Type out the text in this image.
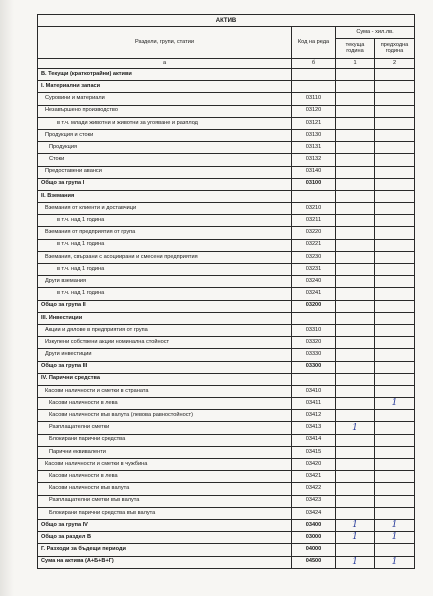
АКТИВ			
Раздели, групи, статии	Код на реда	Сума - хил.лв.	
		текуща година	предходна година
а	б	1	2
В. Текущи (краткотрайни) активи			
I. Материални запаси			
Суровини и материали	03110		
Незавършено производство	03120		
в т.ч. млади животни и животни за угояване и разплод	03121		
Продукция и стоки	03130		
Продукция	03131		
Стоки	03132		
Предоставени аванси	03140		
Общо за група I	03100		
II. Вземания			
Вземания от клиенти и доставчици	03210		
в т.ч. над 1 година	03211		
Вземания от предприятия от група	03220		
в т.ч. над 1 година	03221		
Вземания, свързани с асоциирани и смесени предприятия	03230		
в т.ч. над 1 година	03231		
Други вземания	03240		
в т.ч. над 1 година	03241		
Общо за група II	03200		
III. Инвестиции			
Акции и дялове в предприятия от група	03310		
Изкупени собствени акции номинална стойност	03320		
Други инвестиции	03330		
Общо за група III	03300		
IV. Парични средства			
Касови наличности и сметки в страната	03410		
Касови наличности в лева	03411		1
Касови наличности във валута (левова равностойност)	03412		
Разплащателни сметки	03413	1	
Блокирани парични средства	03414		
Парични еквиваленти	03415		
Касови наличности и сметки в чужбина	03420		
Касови наличности в лева	03421		
Касови наличности във валута	03422		
Разплащателни сметки във валута	03423		
Блокирани парични средства във валута	03424		
Общо за група IV	03400	1	1
Общо за раздел В	03000	1	1
Г. Разходи за бъдещи периоди	04000		
Сума на актива (А+Б+В+Г)	04500	1	1
